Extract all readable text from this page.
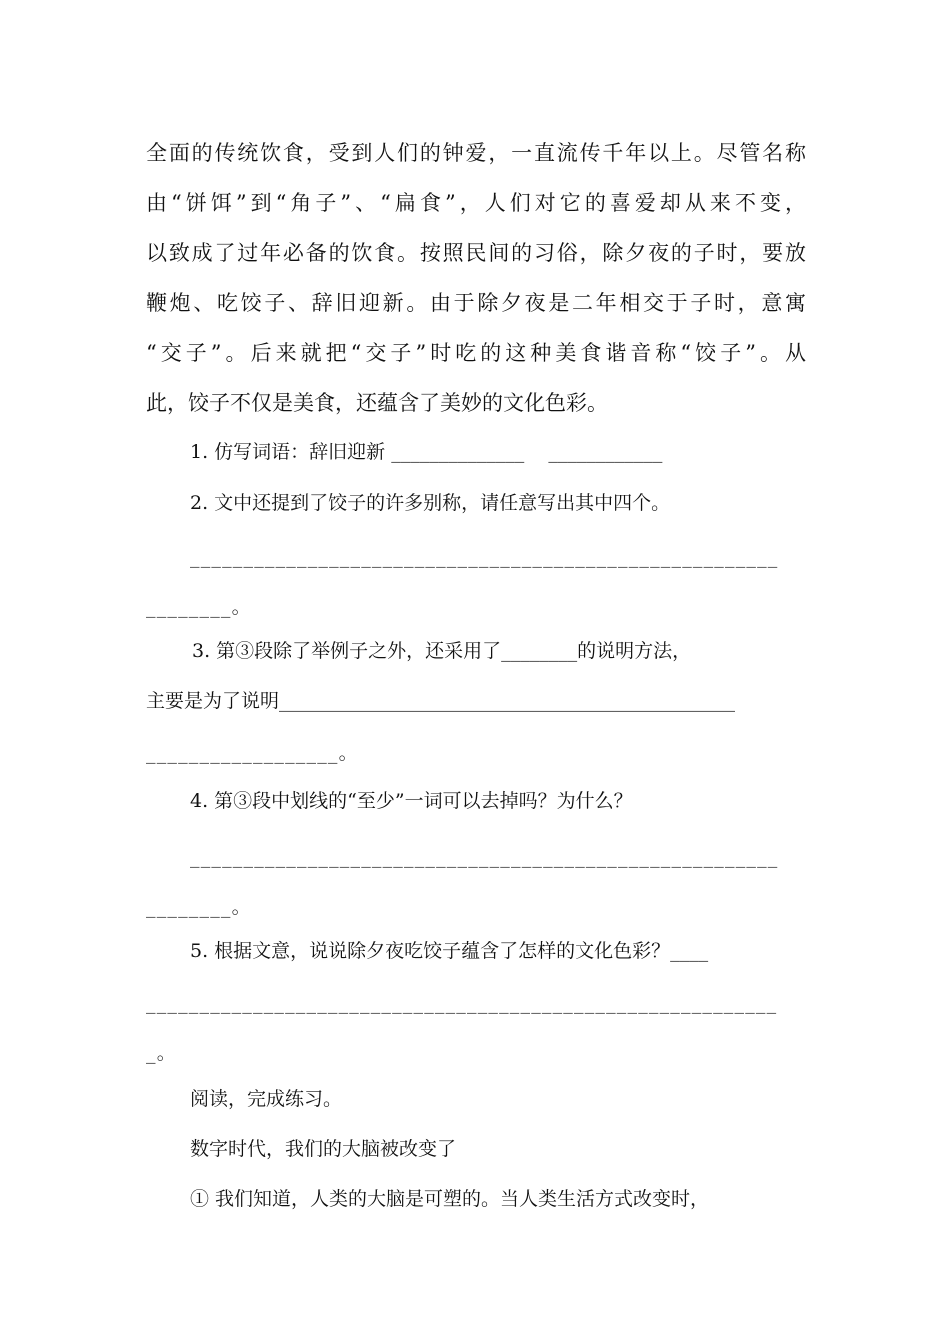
全面的传统饮食，受到人们的钟爱，一直流传千年以上。尽管名称
由“饼饵”到“角子”、“扁食”，人们对它的喜爱却从来不变，
以致成了过年必备的饮食。按照民间的习俗，除夕夜的子时，要放
鞭炮、吃饺子、辞旧迎新。由于除夕夜是二年相交于子时，意寓
“交子”。后来就把“交子”时吃的这种美食谐音称“饺子”。从
此，饺子不仅是美食，还蕴含了美妙的文化色彩。
1. 仿写词语：辞旧迎新 ______________    ____________
2. 文中还提到了饺子的许多别称，请任意写出其中四个。
_______________________________________________________
________。
3. 第③段除了举例子之外，还采用了________的说明方法，
主要是为了说明________________________________________________
__________________。
4. 第③段中划线的“至少”一词可以去掉吗？为什么？
_______________________________________________________
________。
5. 根据文意，说说除夕夜吃饺子蕴含了怎样的文化色彩？____
___________________________________________________________
_。
阅读，完成练习。
数字时代，我们的大脑被改变了
① 我们知道，人类的大脑是可塑的。当人类生活方式改变时，
